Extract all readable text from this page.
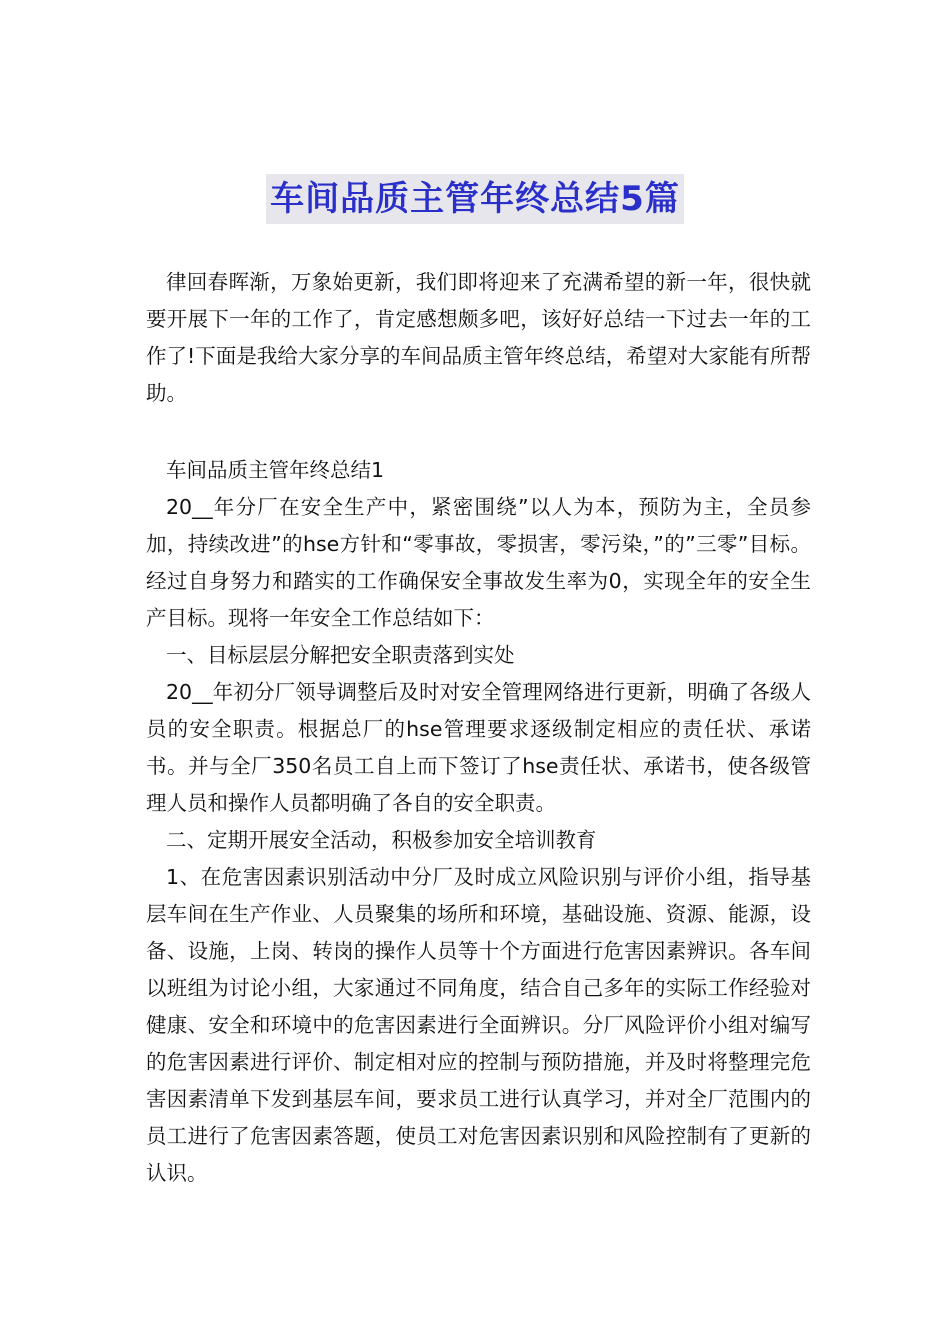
车间品质主管年终总结5篇

律回春晖渐，万象始更新，我们即将迎来了充满希望的新一年，很快就要开展下一年的工作了，肯定感想颇多吧，该好好总结一下过去一年的工作了!下面是我给大家分享的车间品质主管年终总结，希望对大家能有所帮助。

车间品质主管年终总结1

20__年分厂在安全生产中，紧密围绕”以人为本，预防为主，全员参加，持续改进”的hse方针和“零事故，零损害，零污染，”的”三零”目标。经过自身努力和踏实的工作确保安全事故发生率为0，实现全年的安全生产目标。现将一年安全工作总结如下：

一、目标层层分解把安全职责落到实处

20__年初分厂领导调整后及时对安全管理网络进行更新，明确了各级人员的安全职责。根据总厂的hse管理要求逐级制定相应的责任状、承诺书。并与全厂350名员工自上而下签订了hse责任状、承诺书，使各级管理人员和操作人员都明确了各自的安全职责。

二、定期开展安全活动，积极参加安全培训教育

1、在危害因素识别活动中分厂及时成立风险识别与评价小组，指导基层车间在生产作业、人员聚集的场所和环境，基础设施、资源、能源，设备、设施，上岗、转岗的操作人员等十个方面进行危害因素辨识。各车间以班组为讨论小组，大家通过不同角度，结合自己多年的实际工作经验对健康、安全和环境中的危害因素进行全面辨识。分厂风险评价小组对编写的危害因素进行评价、制定相对应的控制与预防措施，并及时将整理完危害因素清单下发到基层车间，要求员工进行认真学习，并对全厂范围内的员工进行了危害因素答题，使员工对危害因素识别和风险控制有了更新的认识。
